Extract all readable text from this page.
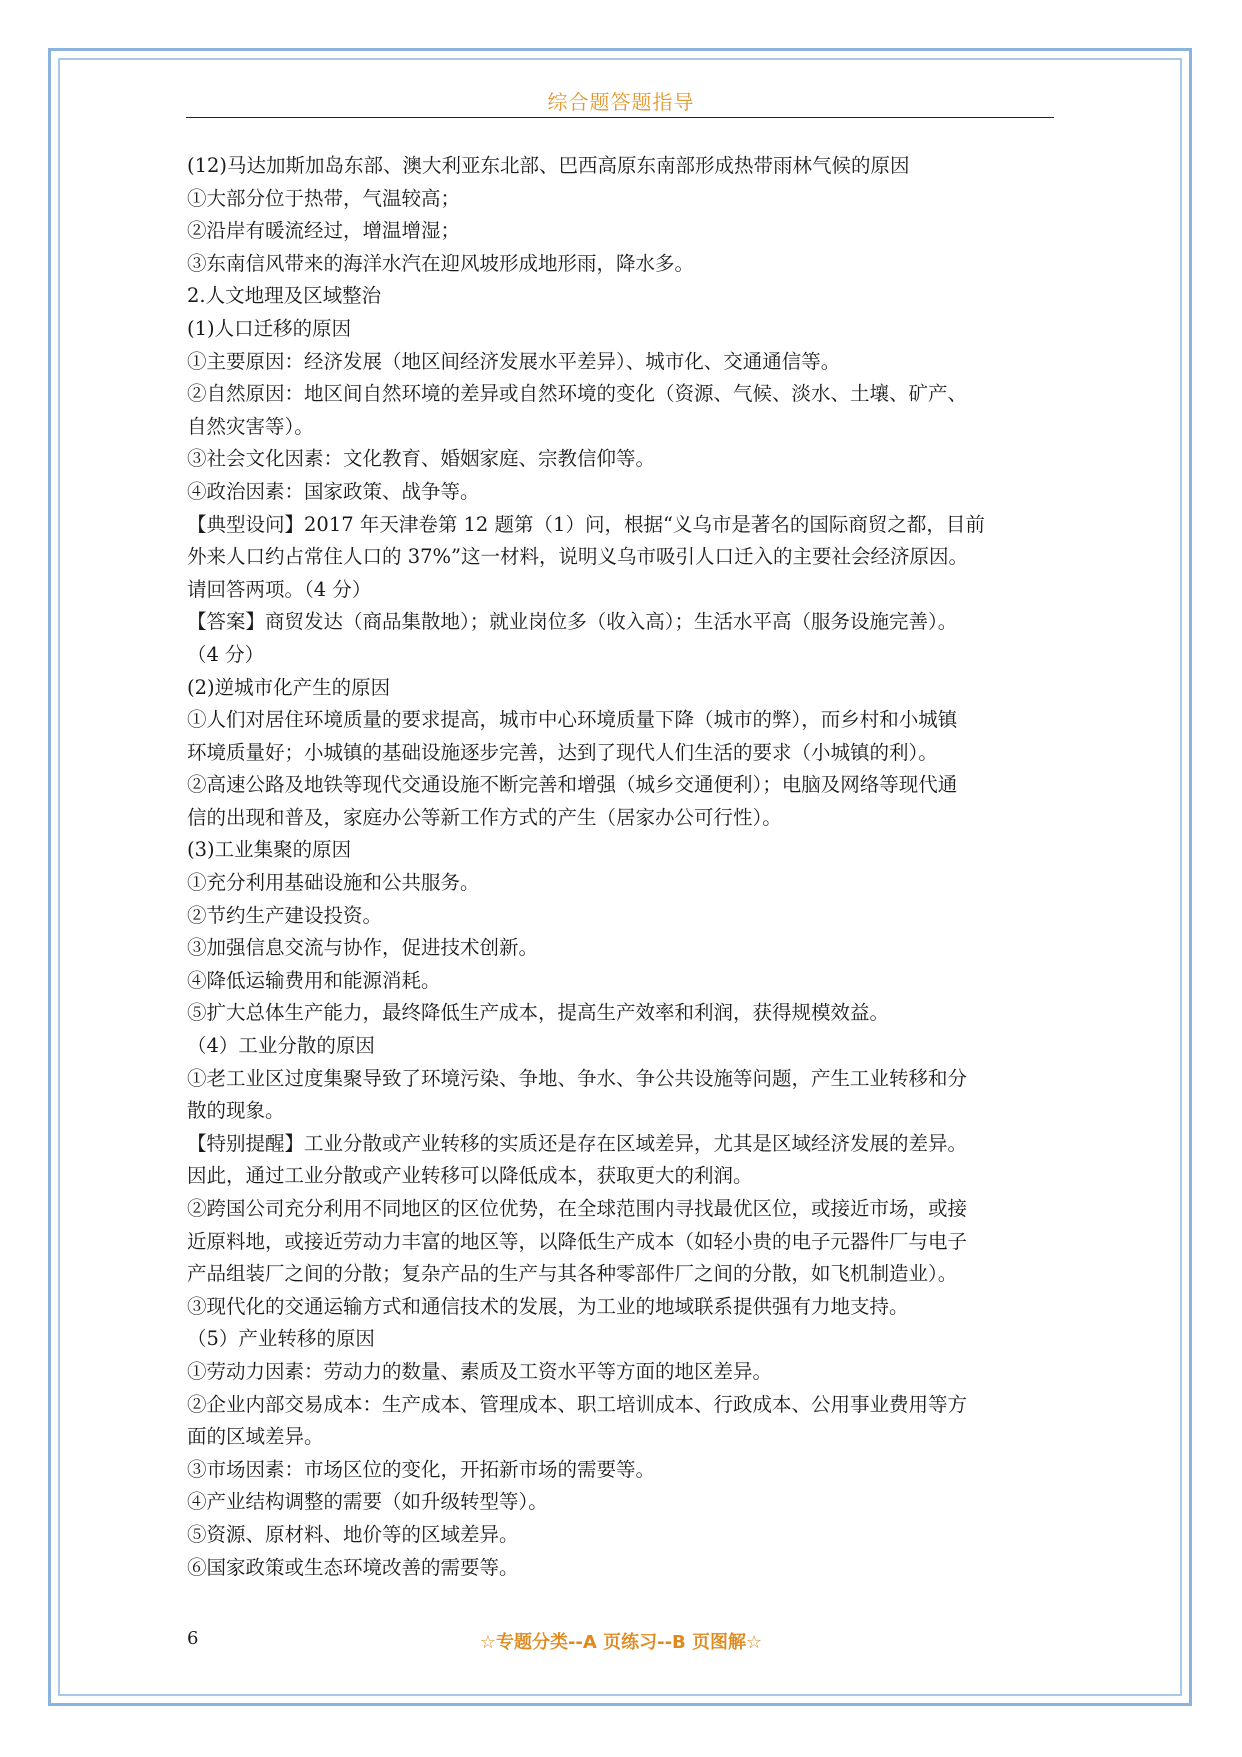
综合题答题指导
(12)马达加斯加岛东部、澳大利亚东北部、巴西高原东南部形成热带雨林气候的原因
①大部分位于热带，气温较高；
②沿岸有暖流经过，增温增湿；
③东南信风带来的海洋水汽在迎风坡形成地形雨，降水多。
2.人文地理及区域整治
(1)人口迁移的原因
①主要原因：经济发展（地区间经济发展水平差异）、城市化、交通通信等。
②自然原因：地区间自然环境的差异或自然环境的变化（资源、气候、淡水、土壤、矿产、
自然灾害等）。
③社会文化因素：文化教育、婚姻家庭、宗教信仰等。
④政治因素：国家政策、战争等。
【典型设问】2017 年天津卷第 12 题第（1）问，根据“义乌市是著名的国际商贸之都，目前
外来人口约占常住人口的 37%”这一材料，说明义乌市吸引人口迁入的主要社会经济原因。
请回答两项。（4 分）
【答案】商贸发达（商品集散地）；就业岗位多（收入高）；生活水平高（服务设施完善）。
（4 分）
(2)逆城市化产生的原因
①人们对居住环境质量的要求提高，城市中心环境质量下降（城市的弊），而乡村和小城镇
环境质量好；小城镇的基础设施逐步完善，达到了现代人们生活的要求（小城镇的利）。
②高速公路及地铁等现代交通设施不断完善和增强（城乡交通便利）；电脑及网络等现代通
信的出现和普及，家庭办公等新工作方式的产生（居家办公可行性）。
(3)工业集聚的原因
①充分利用基础设施和公共服务。
②节约生产建设投资。
③加强信息交流与协作，促进技术创新。
④降低运输费用和能源消耗。
⑤扩大总体生产能力，最终降低生产成本，提高生产效率和利润，获得规模效益。
（4）工业分散的原因
①老工业区过度集聚导致了环境污染、争地、争水、争公共设施等问题，产生工业转移和分
散的现象。
【特别提醒】工业分散或产业转移的实质还是存在区域差异，尤其是区域经济发展的差异。
因此，通过工业分散或产业转移可以降低成本，获取更大的利润。
②跨国公司充分利用不同地区的区位优势，在全球范围内寻找最优区位，或接近市场，或接
近原料地，或接近劳动力丰富的地区等，以降低生产成本（如轻小贵的电子元器件厂与电子
产品组装厂之间的分散；复杂产品的生产与其各种零部件厂之间的分散，如飞机制造业）。
③现代化的交通运输方式和通信技术的发展，为工业的地域联系提供强有力地支持。
（5）产业转移的原因
①劳动力因素：劳动力的数量、素质及工资水平等方面的地区差异。
②企业内部交易成本：生产成本、管理成本、职工培训成本、行政成本、公用事业费用等方
面的区域差异。
③市场因素：市场区位的变化，开拓新市场的需要等。
④产业结构调整的需要（如升级转型等）。
⑤资源、原材料、地价等的区域差异。
⑥国家政策或生态环境改善的需要等。
6	☆专题分类--A 页练习--B 页图解☆
